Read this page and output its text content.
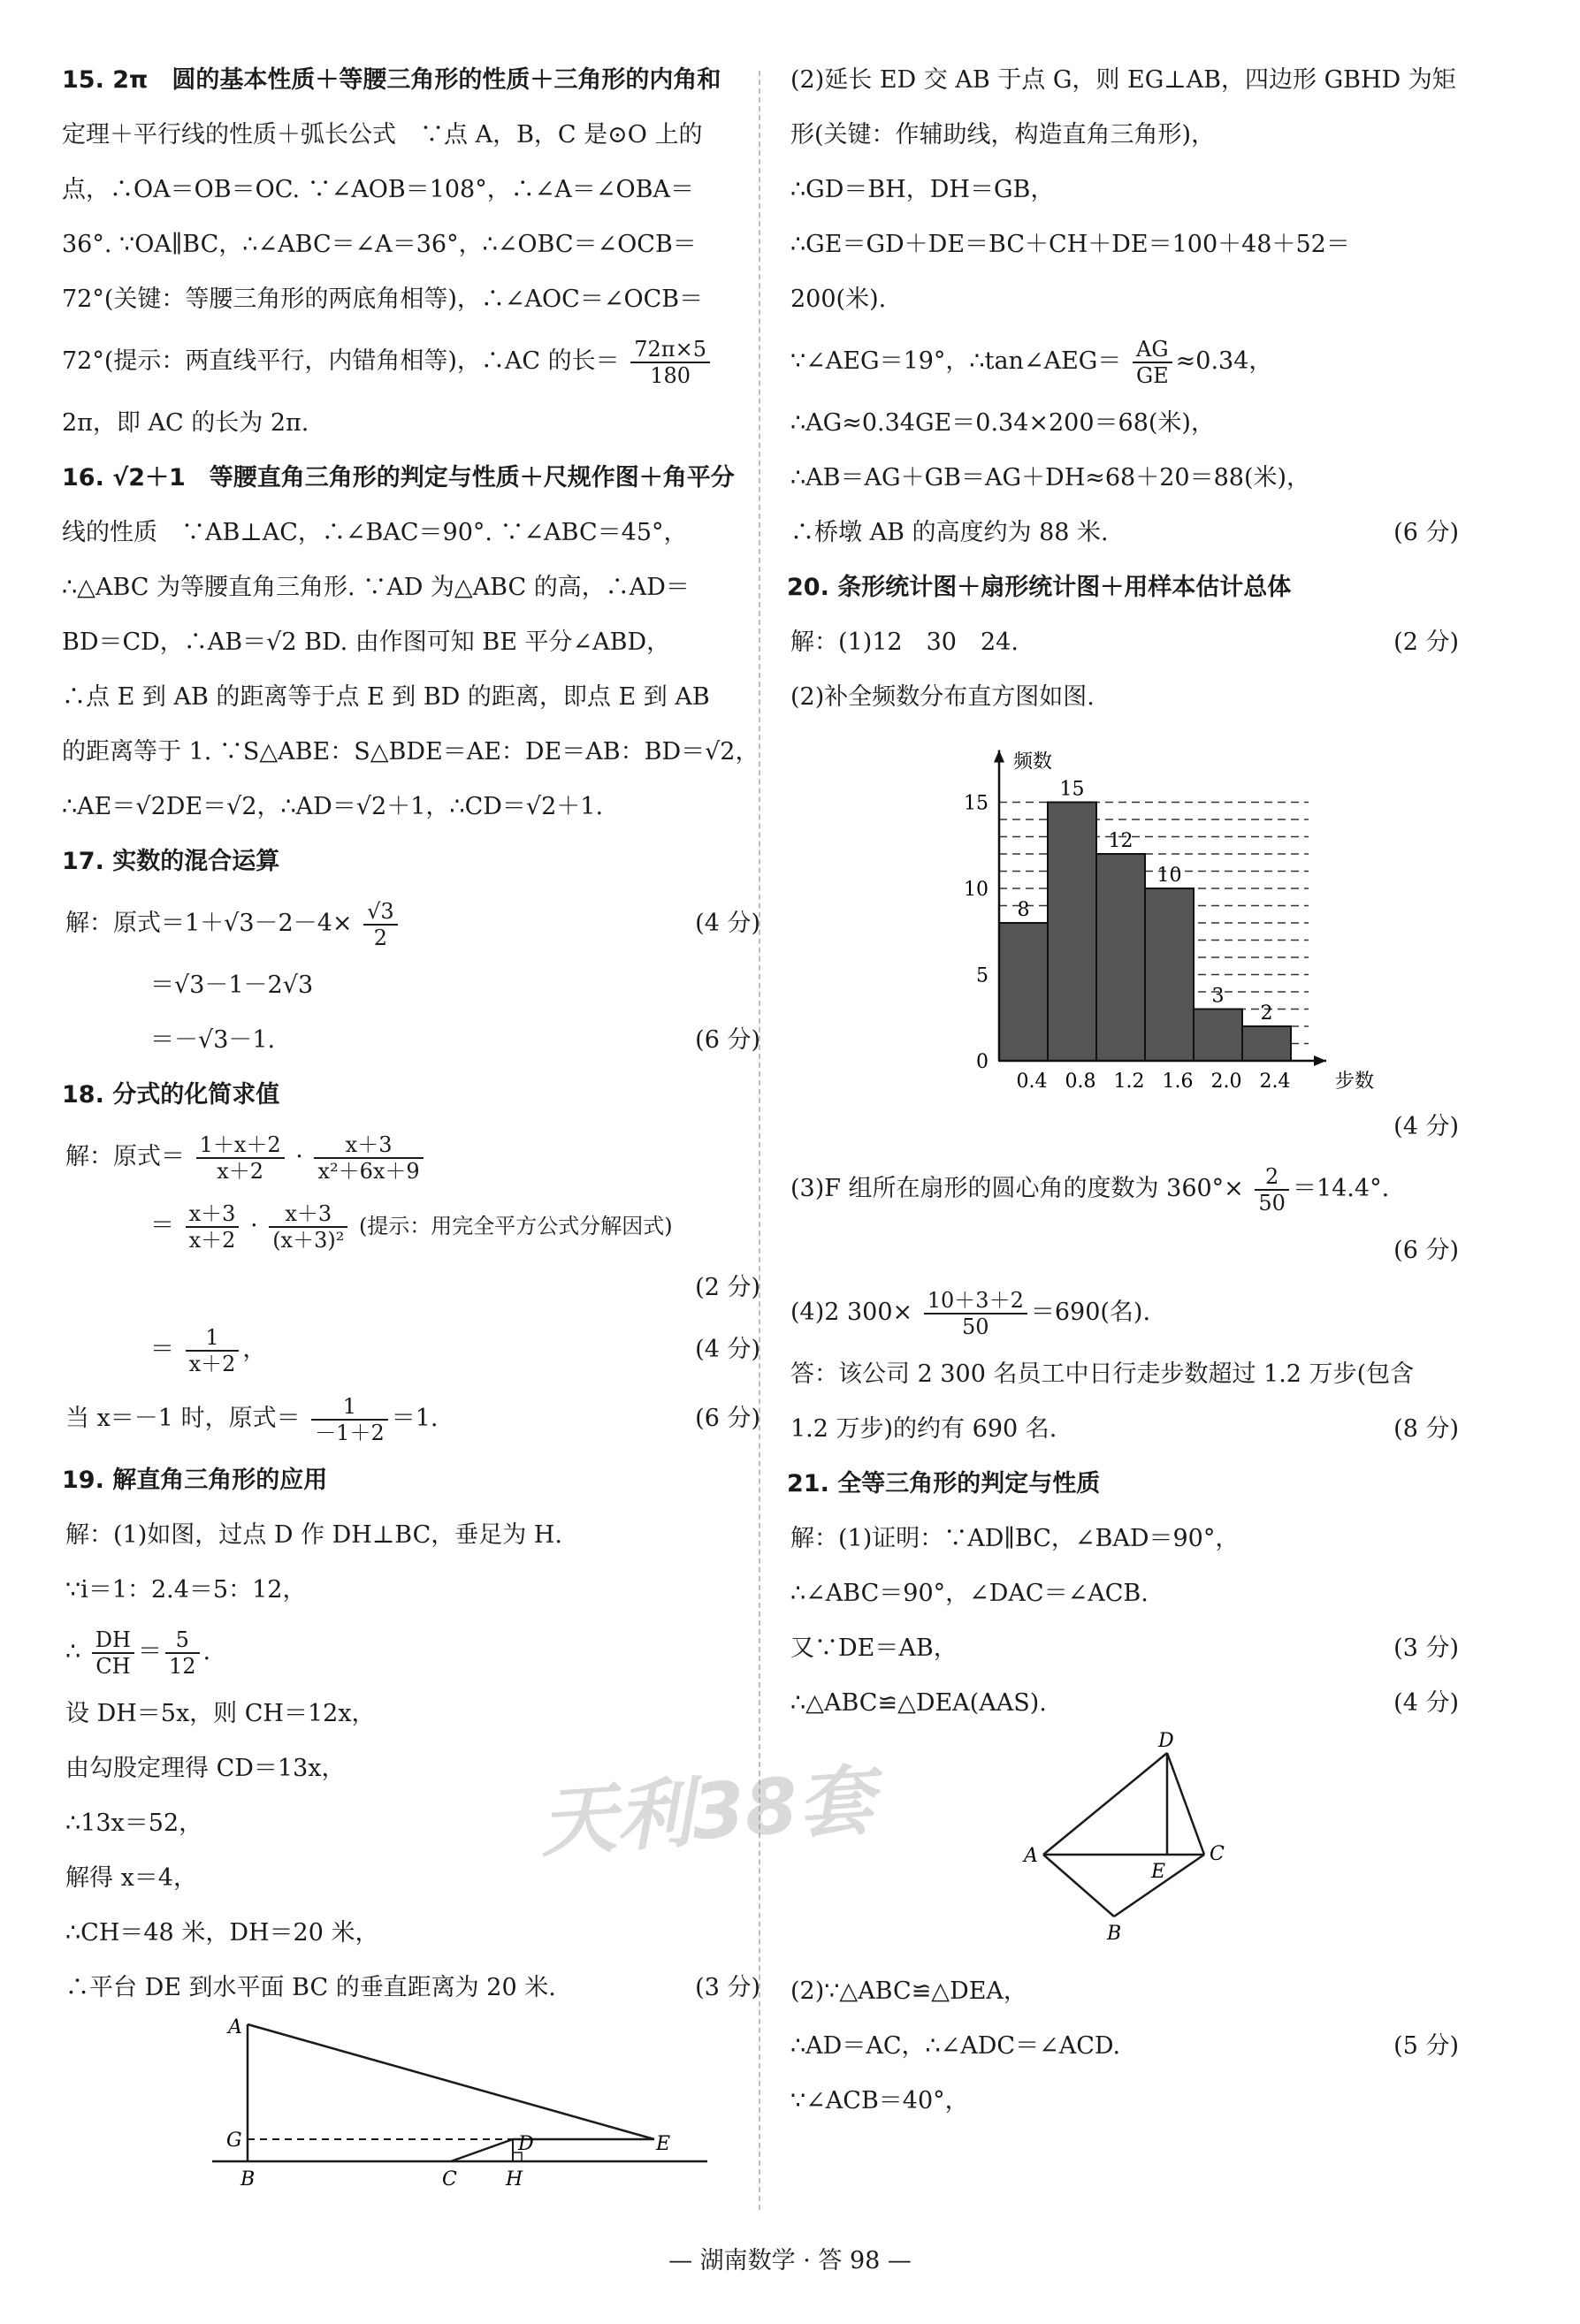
15. 2π　圆的基本性质＋等腰三角形的性质＋三角形的内角和
定理＋平行线的性质＋弧长公式　∵点 A，B，C 是⊙O 上的
点，∴OA＝OB＝OC. ∵∠AOB＝108°，∴∠A＝∠OBA＝
36°. ∵OA∥BC，∴∠ABC＝∠A＝36°，∴∠OBC＝∠OCB＝
72°(关键：等腰三角形的两底角相等)，∴∠AOC＝∠OCB＝
72°(提示：两直线平行，内错角相等)，∴AC 的长＝ $\frac{72\pi\times 5}{180}$
2π，即 AC 的长为 2π.
16. √2＋1　等腰直角三角形的判定与性质＋尺规作图＋角平分
线的性质　∵AB⊥AC，∴∠BAC＝90°. ∵∠ABC＝45°，
∴△ABC 为等腰直角三角形. ∵AD 为△ABC 的高，∴AD＝
BD＝CD，∴AB＝√2 BD. 由作图可知 BE 平分∠ABD，
∴点 E 到 AB 的距离等于点 E 到 BD 的距离，即点 E 到 AB
的距离等于 1. ∵S△ABE：S△BDE＝AE：DE＝AB：BD＝√2，
∴AE＝√2DE＝√2，∴AD＝√2＋1，∴CD＝√2＋1.
17. 实数的混合运算
解：原式$=1+√3-2-4\times \frac{√3}{2}$	(4 分)
＝√3－1－2√3
＝－√3－1.	(6 分)
18. 分式的化简求值
解：原式＝ $\frac{1+x+2}{x+2} \cdot \frac{x+3}{\text{x²＋6x＋9}}$
＝ $\frac{x+3}{x+2} \cdot \frac{x+3}{\text{(x＋3)²}}$ (提示：用完全平方公式分解因式)
(2 分)

＝ $\frac{1}{x+2}$ ，	(4 分)
当 x＝－1 时，原式＝ $\frac{1}{-1+2} =1$.	(6 分)
19. 解直角三角形的应用
解：(1)如图，过点 D 作 DH⊥BC，垂足为 H.
∵i＝1：2.4＝5：12，
∴ $\frac{DH}{CH} = \frac{5}{12}$ .
设 DH＝5x，则 CH＝12x，
由勾股定理得 CD＝13x，
∴13x＝52，
解得 x＝4，
∴CH＝48 米，DH＝20 米，
∴平台 DE 到水平面 BC 的垂直距离为 20 米.	(3 分)
A
G
B	C
D	E
H
(2)延长 ED 交 AB 于点 G，则 EG⊥AB，四边形 GBHD 为矩
形(关键：作辅助线，构造直角三角形)，
∴GD＝BH，DH＝GB，
∴GE＝GD＋DE＝BC＋CH＋DE＝100＋48＋52＝
200(米).
∵∠AEG＝19°，∴tan∠AEG＝ $\frac{AG}{GE} \approx 0.34$，
∴AG≈0.34GE＝0.34×200＝68(米)，
∴AB＝AG＋GB＝AG＋DH≈68＋20＝88(米)，
∴桥墩 AB 的高度约为 88 米.	(6 分)
20. 条形统计图＋扇形统计图＋用样本估计总体
解：(1)12　30　24.	(2 分)
(2)补全频数分布直方图如图.
8
15
12
10
3
2
0
5
10
15
0.4 0.8 1.2 1.6 2.0 2.4 步数
频数
(4 分)

(3)F 组所在扇形的圆心角的度数为 $360^\circ\times \frac{2}{50} =14.4^\circ$.
(6 分)

(4)2 $300\times \frac{10+3+2}{50} =690$(名).
答：该公司 2 300 名员工中日行走步数超过 1.2 万步(包含
1.2 万步)的约有 690 名.	(8 分)
21. 全等三角形的判定与性质
解：(1)证明：∵AD∥BC，∠BAD＝90°，
∴∠ABC＝90°，∠DAC＝∠ACB.
又∵DE＝AB，	(3 分)
∴△ABC≌△DEA(AAS).	(4 分)
D
A
E
C
B
(2)∵△ABC≌△DEA，
∴AD＝AC，∴∠ADC＝∠ACD.	(5 分)
∵∠ACB＝40°，
天利38套
— 湖南数学 · 答 98 —
